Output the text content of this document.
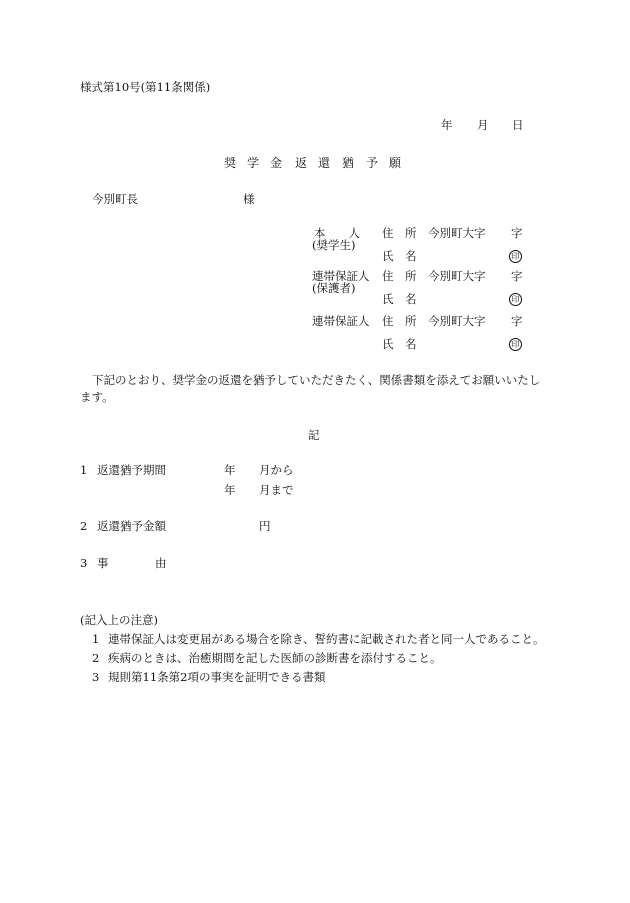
様式第10号(第11条関係)
年 月 日
奨 学 金 返 還 猶 予 願
今別町長	様
本　　人
(奨学生)
住　所 今別町大字 字
氏　名	印
連帯保証人
(保護者)
住　所 今別町大字 字
氏　名	印
連帯保証人 住　所 今別町大字 字
氏　名	印
下記のとおり、奨学金の返還を猶予していただきたく、関係書類を添えてお願いいたし
ます。
記
1 返還猶予期間	年 月から
年 月まで
2 返還猶予金額	円
3 事	由
(記入上の注意)
1 連帯保証人は変更届がある場合を除き、誓約書に記載された者と同一人であること。
2 疾病のときは、治癒期間を記した医師の診断書を添付すること。
3 規則第11条第2項の事実を証明できる書類
